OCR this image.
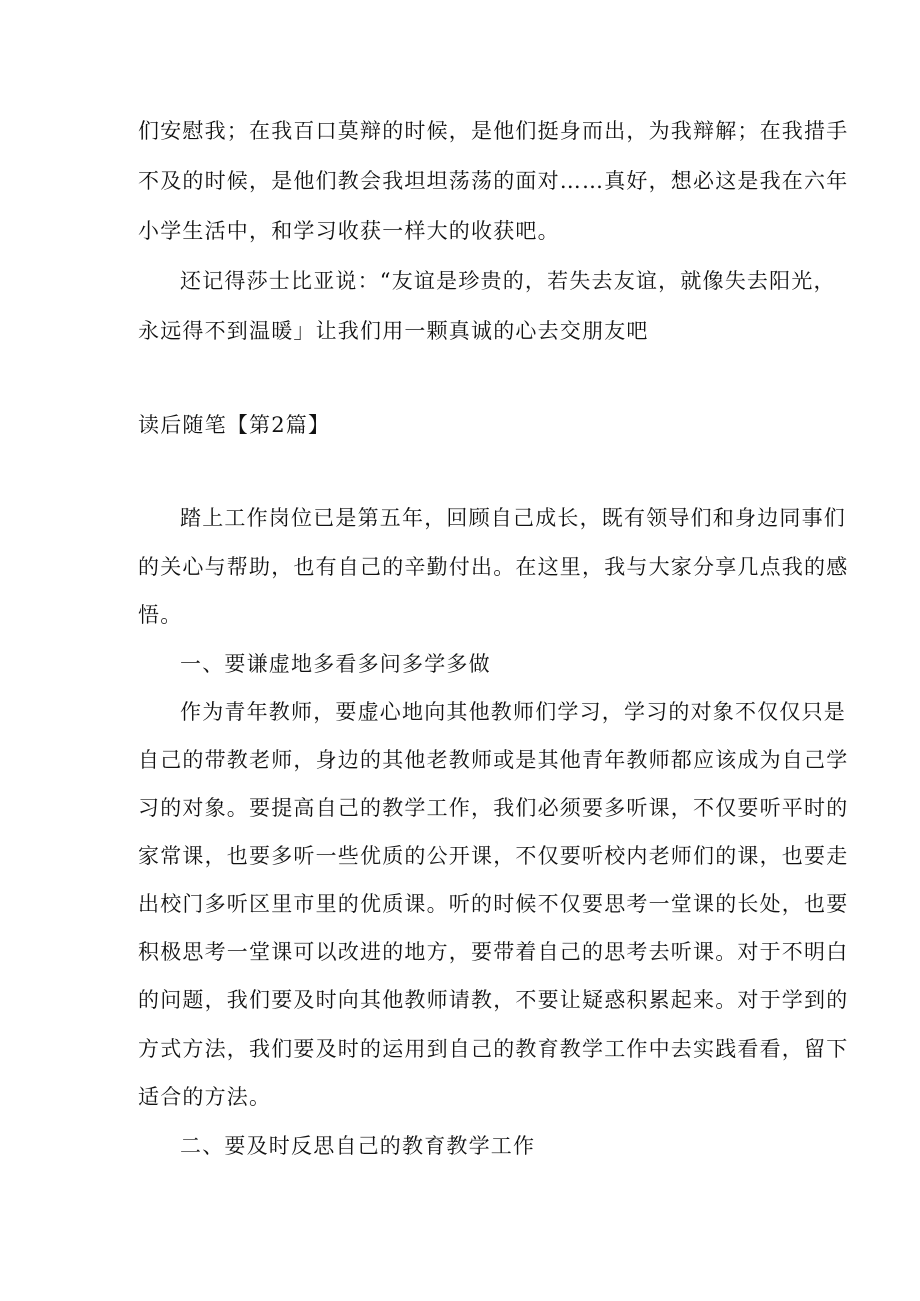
们安慰我；在我百口莫辩的时候，是他们挺身而出，为我辩解；在我措手
不及的时候，是他们教会我坦坦荡荡的面对……真好，想必这是我在六年
小学生活中，和学习收获一样大的收获吧。
还记得莎士比亚说：“友谊是珍贵的，若失去友谊，就像失去阳光，
永远得不到温暖」让我们用一颗真诚的心去交朋友吧
读后随笔【第2篇】
踏上工作岗位已是第五年，回顾自己成长，既有领导们和身边同事们
的关心与帮助，也有自己的辛勤付出。在这里，我与大家分享几点我的感
悟。
一、要谦虚地多看多问多学多做
作为青年教师，要虚心地向其他教师们学习，学习的对象不仅仅只是
自己的带教老师，身边的其他老教师或是其他青年教师都应该成为自己学
习的对象。要提高自己的教学工作，我们必须要多听课，不仅要听平时的
家常课，也要多听一些优质的公开课，不仅要听校内老师们的课，也要走
出校门多听区里市里的优质课。听的时候不仅要思考一堂课的长处，也要
积极思考一堂课可以改进的地方，要带着自己的思考去听课。对于不明白
的问题，我们要及时向其他教师请教，不要让疑惑积累起来。对于学到的
方式方法，我们要及时的运用到自己的教育教学工作中去实践看看，留下
适合的方法。
二、要及时反思自己的教育教学工作
